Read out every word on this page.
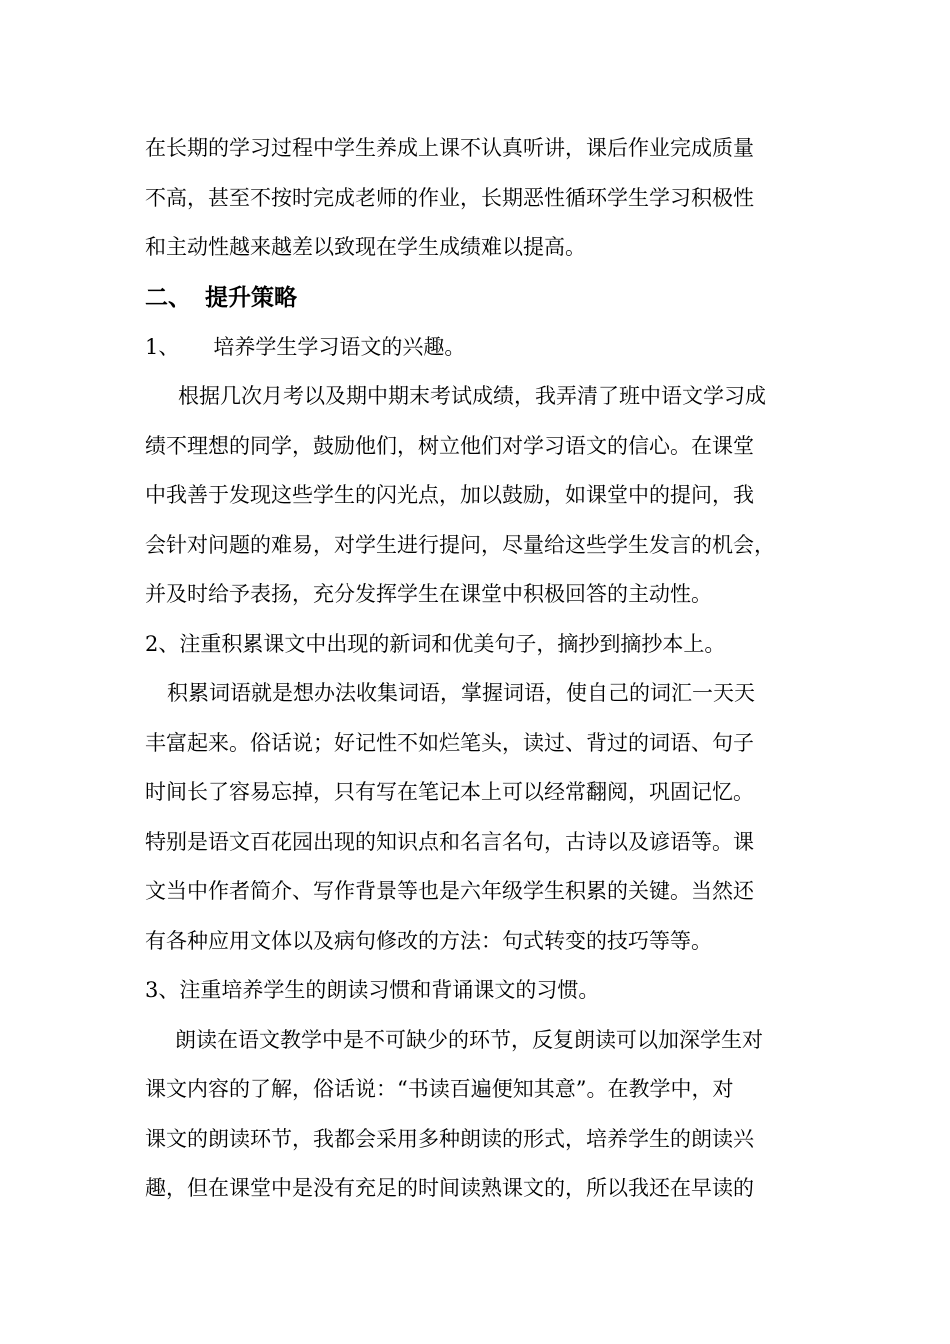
在长期的学习过程中学生养成上课不认真听讲，课后作业完成质量
不高，甚至不按时完成老师的作业，长期恶性循环学生学习积极性
和主动性越来越差以致现在学生成绩难以提高。
二、 提升策略
1、 培养学生学习语文的兴趣。
根据几次月考以及期中期末考试成绩，我弄清了班中语文学习成
绩不理想的同学，鼓励他们，树立他们对学习语文的信心。在课堂
中我善于发现这些学生的闪光点，加以鼓励，如课堂中的提问，我
会针对问题的难易，对学生进行提问，尽量给这些学生发言的机会，
并及时给予表扬，充分发挥学生在课堂中积极回答的主动性。
2、注重积累课文中出现的新词和优美句子，摘抄到摘抄本上。
积累词语就是想办法收集词语，掌握词语，使自己的词汇一天天
丰富起来。俗话说；好记性不如烂笔头，读过、背过的词语、句子
时间长了容易忘掉，只有写在笔记本上可以经常翻阅，巩固记忆。
特别是语文百花园出现的知识点和名言名句，古诗以及谚语等。课
文当中作者简介、写作背景等也是六年级学生积累的关键。当然还
有各种应用文体以及病句修改的方法：句式转变的技巧等等。
3、注重培养学生的朗读习惯和背诵课文的习惯。
朗读在语文教学中是不可缺少的环节，反复朗读可以加深学生对
课文内容的了解，俗话说：“书读百遍便知其意”。在教学中，对
课文的朗读环节，我都会采用多种朗读的形式，培养学生的朗读兴
趣，但在课堂中是没有充足的时间读熟课文的，所以我还在早读的
